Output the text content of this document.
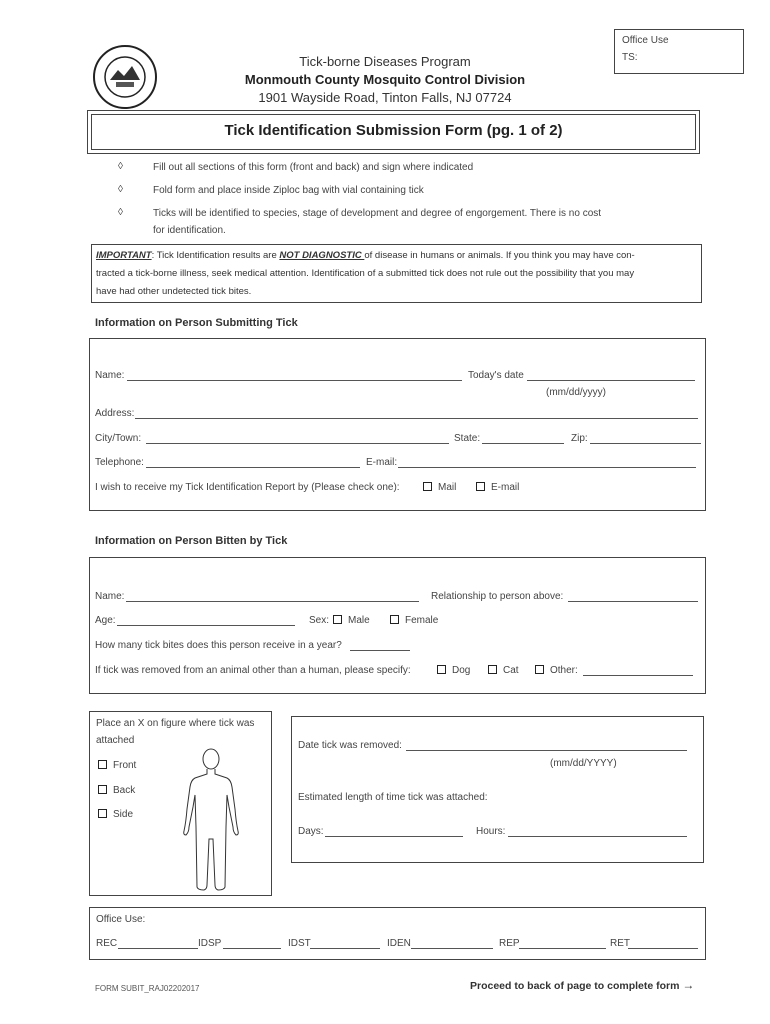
Office Use
TS:
Tick-borne Diseases Program
Monmouth County Mosquito Control Division
1901 Wayside Road, Tinton Falls, NJ 07724
Tick Identification Submission Form (pg. 1 of 2)
◊	Fill out all sections of this form (front and back) and sign where indicated
◊	Fold form and place inside Ziploc bag with vial containing tick
◊	Ticks will be identified to species, stage of development and degree of engorgement. There is no cost
for identification.
IMPORTANT: Tick Identification results are NOT DIAGNOSTIC of disease in humans or animals. If you think you may have con-
tracted a tick-borne illness, seek medical attention. Identification of a submitted tick does not rule out the possibility that you may
have had other undetected tick bites.
Information on Person Submitting Tick
Name:	Today's date
(mm/dd/yyyy)
Address:
City/Town:	State:	Zip:
Telephone:	E-mail:
I wish to receive my Tick Identification Report by (Please check one):	Mail	E-mail
Information on Person Bitten by Tick
Name:	Relationship to person above:
Age:	Sex:	Male	Female
How many tick bites does this person receive in a year?
If tick was removed from an animal other than a human, please specify:	Dog	Cat	Other:
Place an X on figure where tick was
attached
Front
Back
Side
Date tick was removed:
(mm/dd/YYYY)
Estimated length of time tick was attached:
Days:	Hours:
Office Use:
REC	IDSP	IDST	IDEN	REP	RET
FORM SUBIT_RAJ02202017	Proceed to back of page to complete form →
